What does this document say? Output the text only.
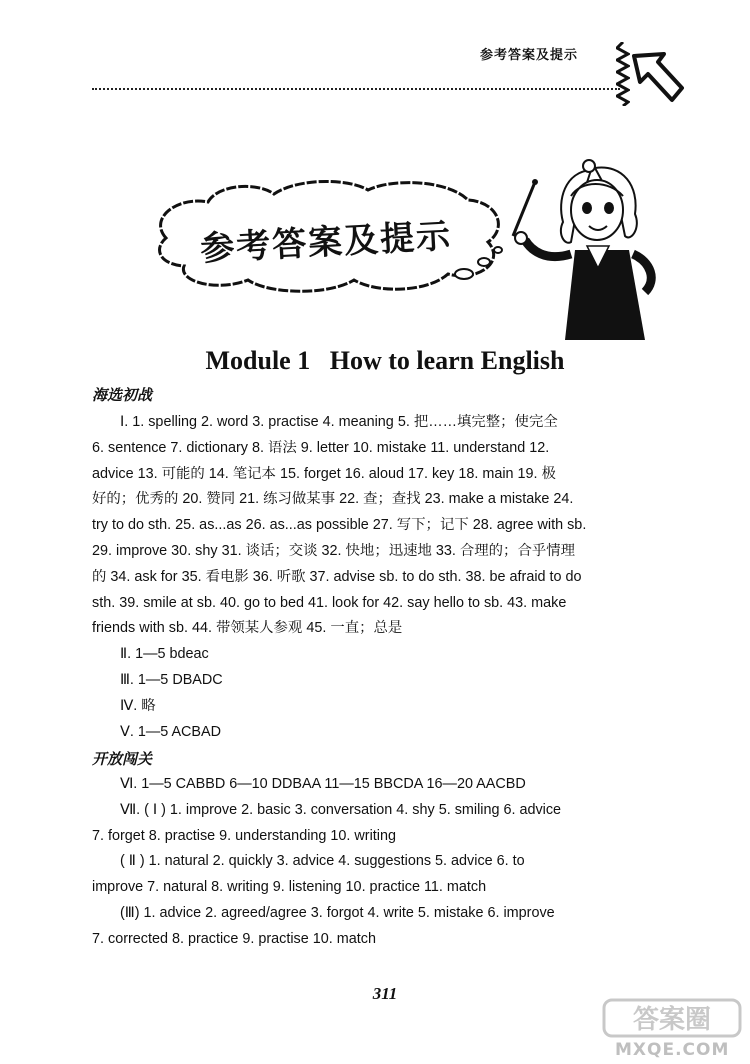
参考答案及提示
参考答案及提示
Module 1   How to learn English
海选初战
Ⅰ. 1. spelling 2. word 3. practise 4. meaning 5. 把……填完整；使完全
6. sentence 7. dictionary 8. 语法 9. letter 10. mistake 11. understand 12.
advice 13. 可能的 14. 笔记本 15. forget 16. aloud 17. key 18. main 19. 极
好的；优秀的 20. 赞同 21. 练习做某事 22. 查；查找 23. make a mistake 24.
try to do sth. 25. as...as 26. as...as possible 27. 写下；记下 28. agree with sb.
29. improve 30. shy 31. 谈话；交谈 32. 快地；迅速地 33. 合理的；合乎情理
的 34. ask for 35. 看电影 36. 听歌 37. advise sb. to do sth. 38. be afraid to do
sth. 39. smile at sb. 40. go to bed 41. look for 42. say hello to sb. 43. make
friends with sb. 44. 带领某人参观 45. 一直；总是
Ⅱ. 1—5 bdeac
Ⅲ. 1—5 DBADC
Ⅳ. 略
Ⅴ. 1—5 ACBAD
开放闯关
Ⅵ. 1—5 CABBD 6—10 DDBAA 11—15 BBCDA 16—20 AACBD
Ⅶ. ( Ⅰ ) 1. improve 2. basic 3. conversation 4. shy 5. smiling 6. advice
7. forget 8. practise 9. understanding 10. writing
( Ⅱ ) 1. natural 2. quickly 3. advice 4. suggestions 5. advice 6. to
improve 7. natural 8. writing 9. listening 10. practice 11. match
(Ⅲ) 1. advice 2. agreed/agree 3. forgot 4. write 5. mistake 6. improve
7. corrected 8. practice 9. practise 10. match
311
答案圈
MXQE.COM
